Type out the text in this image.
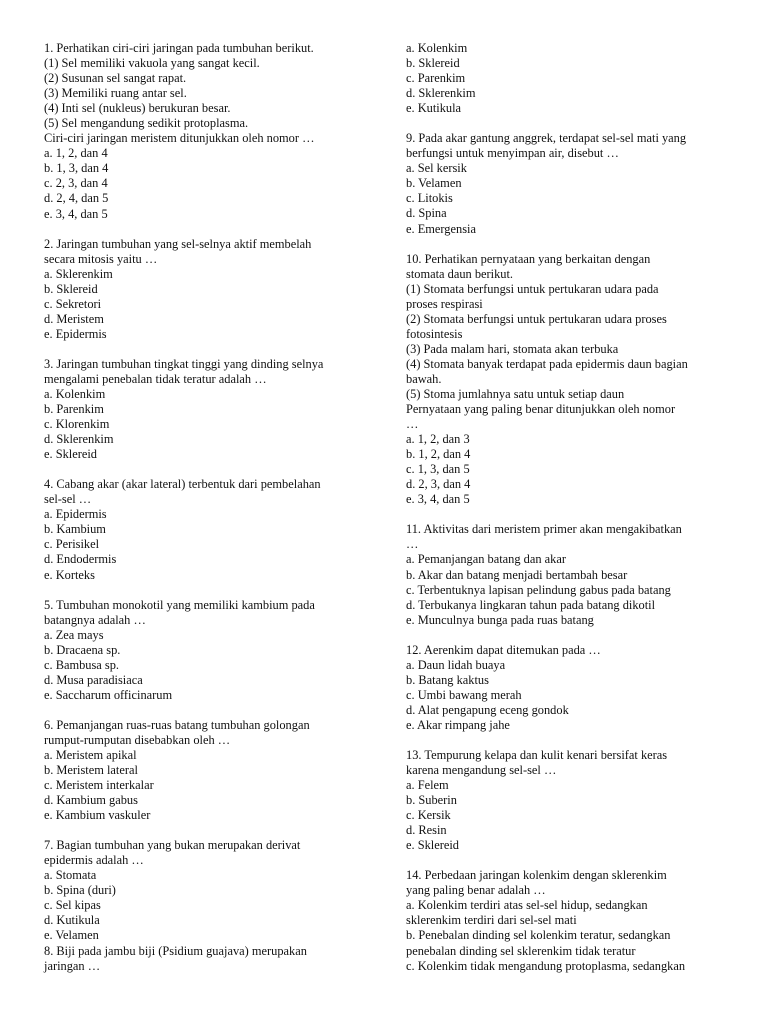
1. Perhatikan ciri-ciri jaringan pada tumbuhan berikut.
(1) Sel memiliki vakuola yang sangat kecil.
(2) Susunan sel sangat rapat.
(3) Memiliki ruang antar sel.
(4) Inti sel (nukleus) berukuran besar.
(5) Sel mengandung sedikit protoplasma.
Ciri-ciri jaringan meristem ditunjukkan oleh nomor …
a. 1, 2, dan 4
b. 1, 3, dan 4
c. 2, 3, dan 4
d. 2, 4, dan 5
e. 3, 4, dan 5
2. Jaringan tumbuhan yang sel-selnya aktif membelah
secara mitosis yaitu …
a. Sklerenkim
b. Sklereid
c. Sekretori
d. Meristem
e. Epidermis
3. Jaringan tumbuhan tingkat tinggi yang dinding selnya
mengalami penebalan tidak teratur adalah …
a. Kolenkim
b. Parenkim
c. Klorenkim
d. Sklerenkim
e. Sklereid
4. Cabang akar (akar lateral) terbentuk dari pembelahan
sel-sel …
a. Epidermis
b. Kambium
c. Perisikel
d. Endodermis
e. Korteks
5. Tumbuhan monokotil yang memiliki kambium pada
batangnya adalah …
a. Zea mays
b. Dracaena sp.
c. Bambusa sp.
d. Musa paradisiaca
e. Saccharum officinarum
6. Pemanjangan ruas-ruas batang tumbuhan golongan
rumput-rumputan disebabkan oleh …
a. Meristem apikal
b. Meristem lateral
c. Meristem interkalar
d. Kambium gabus
e. Kambium vaskuler
7. Bagian tumbuhan yang bukan merupakan derivat
epidermis adalah …
a. Stomata
b. Spina (duri)
c. Sel kipas
d. Kutikula
e. Velamen
8. Biji pada jambu biji (Psidium guajava) merupakan
jaringan …
a. Kolenkim
b. Sklereid
c. Parenkim
d. Sklerenkim
e. Kutikula
9. Pada akar gantung anggrek, terdapat sel-sel mati yang
berfungsi untuk menyimpan air, disebut …
a. Sel kersik
b. Velamen
c. Litokis
d. Spina
e. Emergensia
10. Perhatikan pernyataan yang berkaitan dengan
stomata daun berikut.
(1) Stomata berfungsi untuk pertukaran udara pada
proses respirasi
(2) Stomata berfungsi untuk pertukaran udara proses
fotosintesis
(3) Pada malam hari, stomata akan terbuka
(4) Stomata banyak terdapat pada epidermis daun bagian
bawah.
(5) Stoma jumlahnya satu untuk setiap daun
Pernyataan yang paling benar ditunjukkan oleh nomor
…
a. 1, 2, dan 3
b. 1, 2, dan 4
c. 1, 3, dan 5
d. 2, 3, dan 4
e. 3, 4, dan 5
11. Aktivitas dari meristem primer akan mengakibatkan
…
a. Pemanjangan batang dan akar
b. Akar dan batang menjadi bertambah besar
c. Terbentuknya lapisan pelindung gabus pada batang
d. Terbukanya lingkaran tahun pada batang dikotil
e. Munculnya bunga pada ruas batang
12. Aerenkim dapat ditemukan pada …
a. Daun lidah buaya
b. Batang kaktus
c. Umbi bawang merah
d. Alat pengapung eceng gondok
e. Akar rimpang jahe
13. Tempurung kelapa dan kulit kenari bersifat keras
karena mengandung sel-sel …
a. Felem
b. Suberin
c. Kersik
d. Resin
e. Sklereid
14. Perbedaan jaringan kolenkim dengan sklerenkim
yang paling benar adalah …
a. Kolenkim terdiri atas sel-sel hidup, sedangkan
sklerenkim terdiri dari sel-sel mati
b. Penebalan dinding sel kolenkim teratur, sedangkan
penebalan dinding sel sklerenkim tidak teratur
c. Kolenkim tidak mengandung protoplasma, sedangkan
